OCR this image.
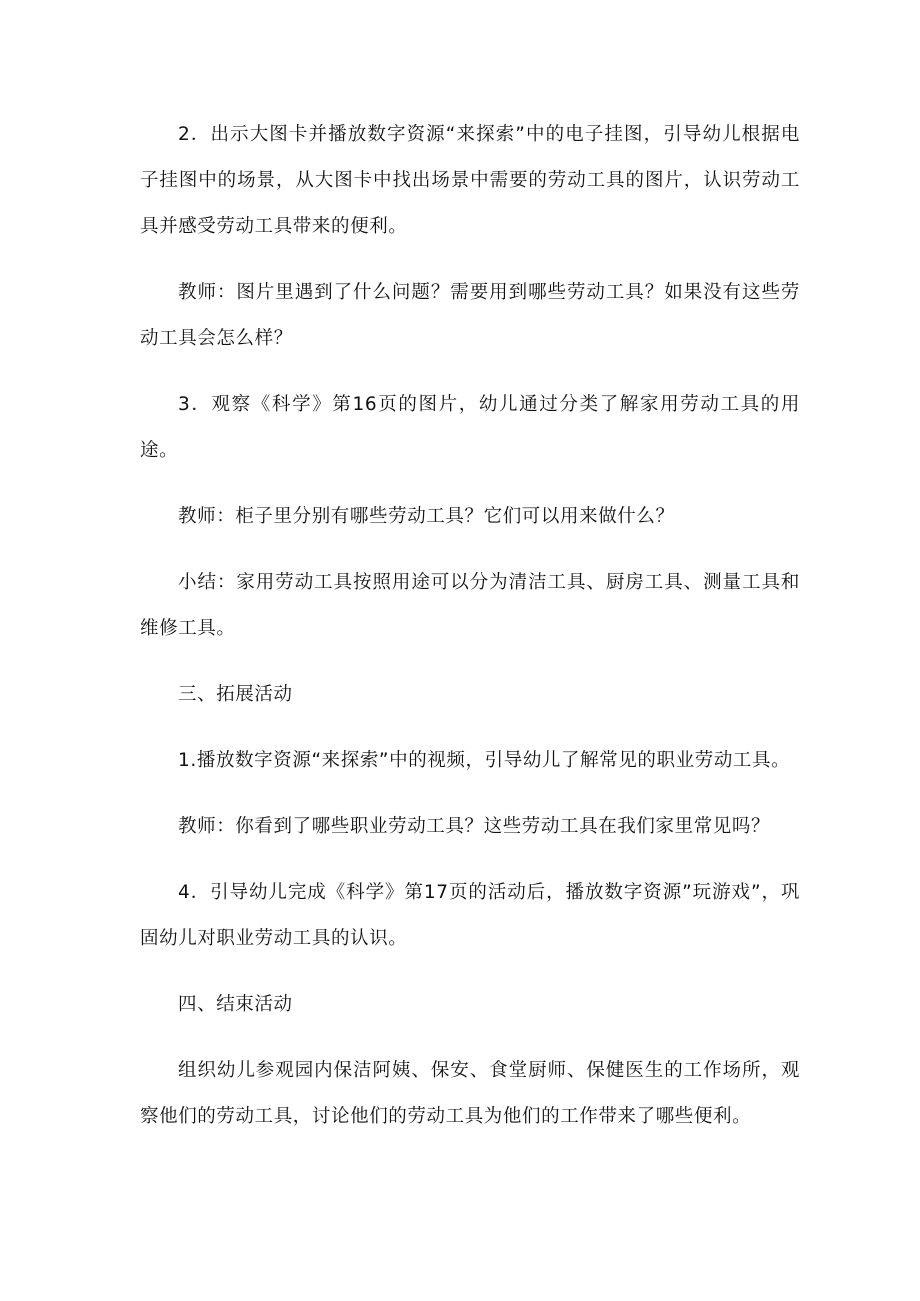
2．出示大图卡并播放数字资源“来探索”中的电子挂图，引导幼儿根据电子挂图中的场景，从大图卡中找出场景中需要的劳动工具的图片，认识劳动工具并感受劳动工具带来的便利。

教师：图片里遇到了什么问题？需要用到哪些劳动工具？如果没有这些劳动工具会怎么样？

3．观察《科学》第16页的图片，幼儿通过分类了解家用劳动工具的用途。

教师：柜子里分别有哪些劳动工具？它们可以用来做什么？

小结：家用劳动工具按照用途可以分为清洁工具、厨房工具、测量工具和维修工具。

三、拓展活动

1.播放数字资源“来探索”中的视频，引导幼儿了解常见的职业劳动工具。

教师：你看到了哪些职业劳动工具？这些劳动工具在我们家里常见吗？

4．引导幼儿完成《科学》第17页的活动后，播放数字资源”玩游戏”，巩固幼儿对职业劳动工具的认识。

四、结束活动

组织幼儿参观园内保洁阿姨、保安、食堂厨师、保健医生的工作场所，观察他们的劳动工具，讨论他们的劳动工具为他们的工作带来了哪些便利。
